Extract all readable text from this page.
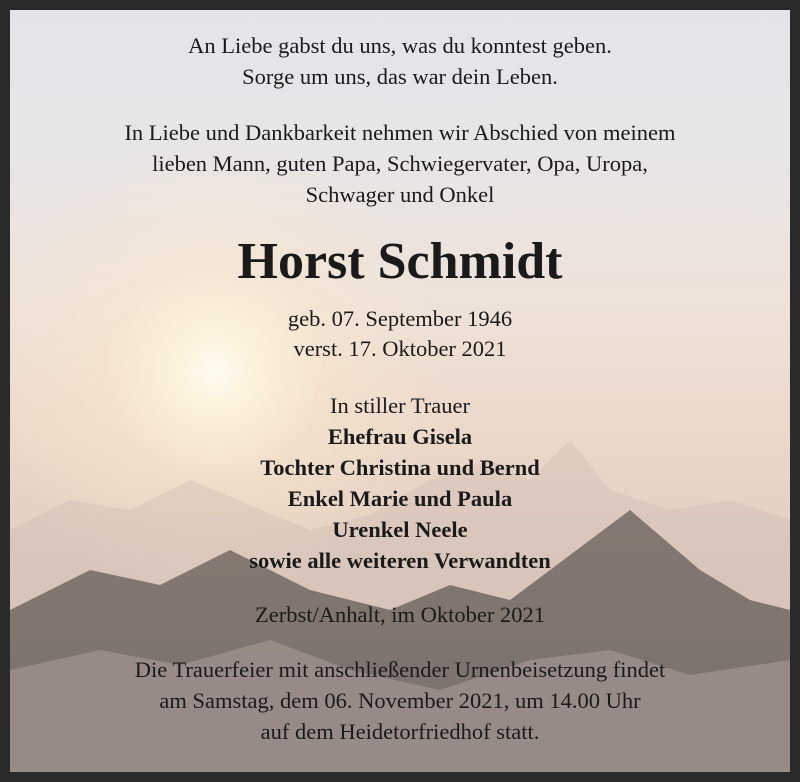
An Liebe gabst du uns, was du konntest geben.
Sorge um uns, das war dein Leben.
In Liebe und Dankbarkeit nehmen wir Abschied von meinem
lieben Mann, guten Papa, Schwiegervater, Opa, Uropa,
Schwager und Onkel
Horst Schmidt
geb. 07. September 1946
verst. 17. Oktober 2021
In stiller Trauer
Ehefrau Gisela
Tochter Christina und Bernd
Enkel Marie und Paula
Urenkel Neele
sowie alle weiteren Verwandten
Zerbst/Anhalt, im Oktober 2021
Die Trauerfeier mit anschließender Urnenbeisetzung findet
am Samstag, dem 06. November 2021, um 14.00 Uhr
auf dem Heidetorfriedhof statt.
